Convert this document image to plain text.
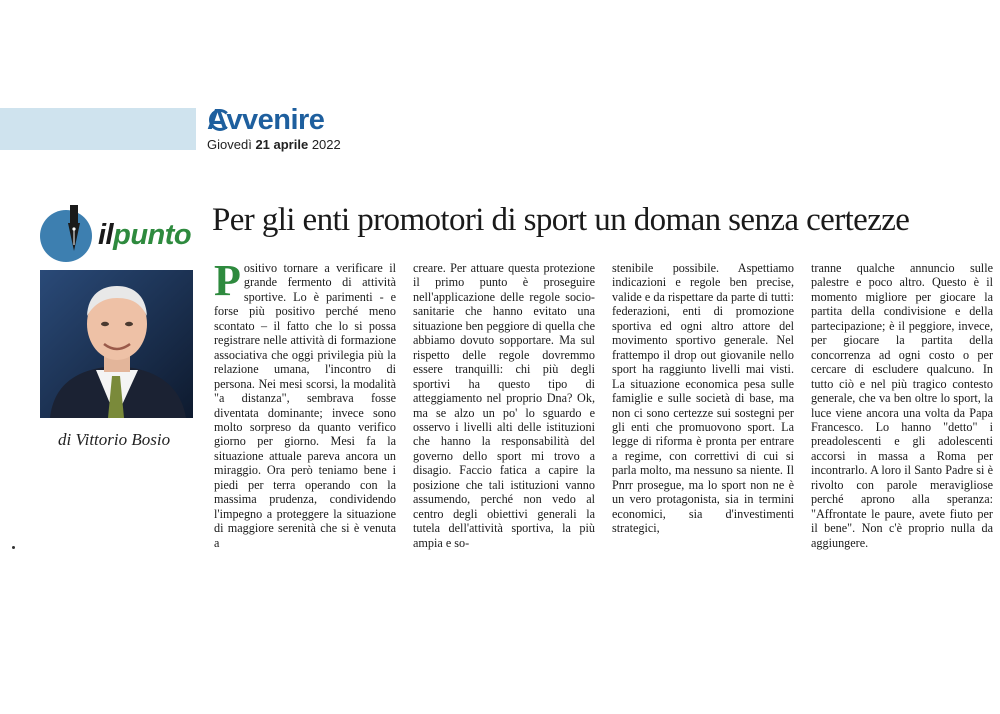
Avvenire
Giovedì 21 aprile 2022
ilpunto
di Vittorio Bosio
Per gli enti promotori di sport un doman senza certezze

Positivo tornare a verificare il grande fermento di attività sportive. Lo è parimenti - e forse più positivo perché meno scontato – il fatto che lo si possa registrare nelle attività di formazione associativa che oggi privilegia più la relazione umana, l'incontro di persona. Nei mesi scorsi, la modalità "a distanza", sembrava fosse diventata dominante; invece sono molto sorpreso da quanto verifico giorno per giorno. Mesi fa la situazione attuale pareva ancora un miraggio. Ora però teniamo bene i piedi per terra operando con la massima prudenza, condividendo l'impegno a proteggere la situazione di maggiore serenità che si è venuta a

creare. Per attuare questa protezione il primo punto è proseguire nell'applicazione delle regole socio-sanitarie che hanno evitato una situazione ben peggiore di quella che abbiamo dovuto sopportare. Ma sul rispetto delle regole dovremmo essere tranquilli: chi più degli sportivi ha questo tipo di atteggiamento nel proprio Dna? Ok, ma se alzo un po' lo sguardo e osservo i livelli alti delle istituzioni che hanno la responsabilità del governo dello sport mi trovo a disagio. Faccio fatica a capire la posizione che tali istituzioni vanno assumendo, perché non vedo al centro degli obiettivi generali la tutela dell'attività sportiva, la più ampia e so-

stenibile possibile. Aspettiamo indicazioni e regole ben precise, valide e da rispettare da parte di tutti: federazioni, enti di promozione sportiva ed ogni altro attore del movimento sportivo generale. Nel frattempo il drop out giovanile nello sport ha raggiunto livelli mai visti. La situazione economica pesa sulle famiglie e sulle società di base, ma non ci sono certezze sui sostegni per gli enti che promuovono sport. La legge di riforma è pronta per entrare a regime, con correttivi di cui si parla molto, ma nessuno sa niente. Il Pnrr prosegue, ma lo sport non ne è un vero protagonista, sia in termini economici, sia d'investimenti strategici,

tranne qualche annuncio sulle palestre e poco altro. Questo è il momento migliore per giocare la partita della condivisione e della partecipazione; è il peggiore, invece, per giocare la partita della concorrenza ad ogni costo o per cercare di escludere qualcuno. In tutto ciò e nel più tragico contesto generale, che va ben oltre lo sport, la luce viene ancora una volta da Papa Francesco. Lo hanno "detto" i preadolescenti e gli adolescenti accorsi in massa a Roma per incontrarlo. A loro il Santo Padre si è rivolto con parole meravigliose perché aprono alla speranza: "Affrontate le paure, avete fiuto per il bene". Non c'è proprio nulla da aggiungere.
